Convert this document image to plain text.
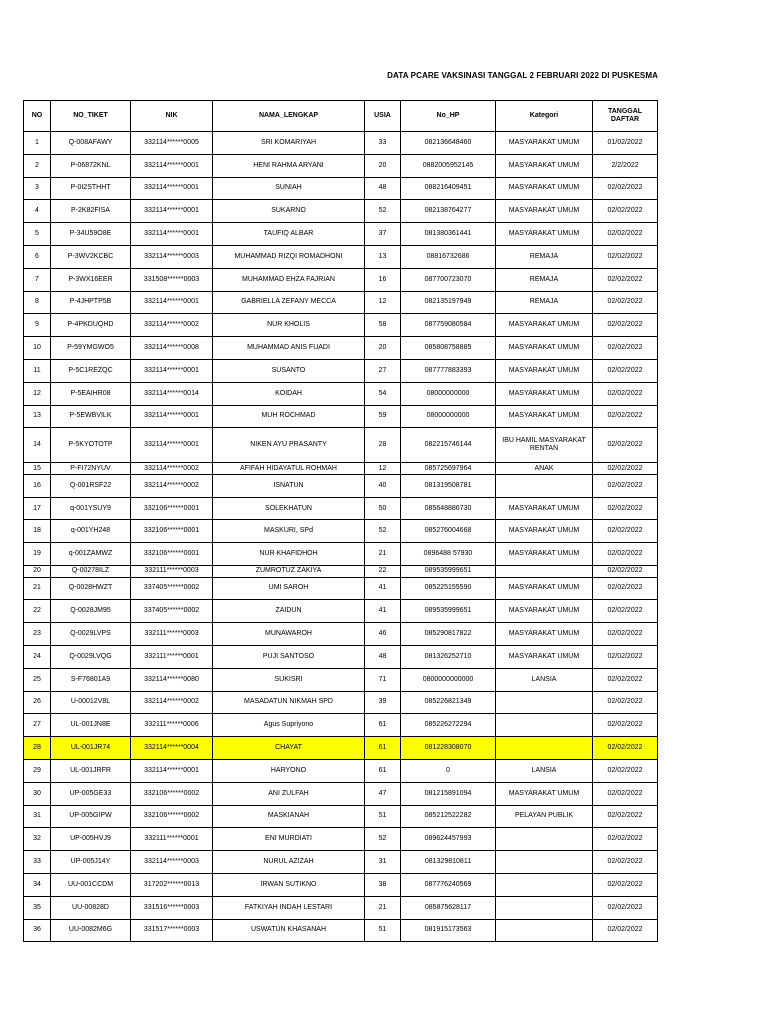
DATA PCARE VAKSINASI TANGGAL 2 FEBRUARI 2022 DI PUSKESMA
NO	NO_TIKET	NIK	NAMA_LENGKAP	USIA	No_HP	Kategori	TANGGAL DAFTAR
1	Q-008AFAWY	332114******0005	SRI KOMARIYAH	33	082136648460	MASYARAKAT UMUM	01/02/2022
2	P-06872KNL	332114******0001	HENI RAHMA ARYANI	20	0882005952145	MASYARAKAT UMUM	2/2/2022
3	P-0I2STHHT	332114******0001	SUNIAH	48	088216409451	MASYARAKAT UMUM	02/02/2022
4	P-2K82FISA	332114******0001	SUKARNO	52	082138764277	MASYARAKAT UMUM	02/02/2022
5	P-34U59O8E	332114******0001	TAUFIQ ALBAR	37	081380361441	MASYARAKAT UMUM	02/02/2022
6	P-3WV2KCBC	332114******0003	MUHAMMAD RIZQI ROMADHONI	13	08816732686	REMAJA	02/02/2022
7	P-3WX16EER	331508******0003	MUHAMMAD EHZA FAJRIAN	16	087700723070	REMAJA	02/02/2022
8	P-4JHPTP5B	332114******0001	GABRIELLA ZEFANY MECCA	12	082135197949	REMAJA	02/02/2022
9	P-4PKDUQHD	332114******0002	NUR KHOLIS	58	087759080584	MASYARAKAT UMUM	02/02/2022
10	P-59YMGWO5	332114******0008	MUHAMMAD ANIS FUADI	20	085808758885	MASYARAKAT UMUM	02/02/2022
11	P-5C1REZQC	332114******0001	SUSANTO	27	087777883393	MASYARAKAT UMUM	02/02/2022
12	P-5EAIHR08	332114******0014	KOIDAH	54	08000000000	MASYARAKAT UMUM	02/02/2022
13	P-5EWBVILK	332114******0001	MUH ROCHMAD	59	08000000000	MASYARAKAT UMUM	02/02/2022
14	P-5KYOTOTP	332114******0001	NIKEN AYU PRASANTY	28	082215746144	IBU HAMIL MASYARAKAT RENTAN	02/02/2022
15	P-FI72NYUV	332114******0002	AFIFAH HIDAYATUL ROHMAH	12	085725697964	ANAK	02/02/2022
16	Q-001RSF22	332114******0002	ISNATUN	40	081319508781		02/02/2022
17	q-001YSUY9	332106******0001	SOLEKHATUN	50	085648886730	MASYARAKAT UMUM	02/02/2022
18	q-001YH248	332106******0001	MASKURI, SPd	52	085276004668	MASYARAKAT UMUM	02/02/2022
19	q-001ZAMWZ	332106******0001	NUR KHAFIDHOH	21	0896488 57930	MASYARAKAT UMUM	02/02/2022
20	Q-00278ILZ	332111******0003	ZUMROTUZ ZAKIYA	22	089535999651		02/02/2022
21	Q-0028HWZT	337405******0002	UMI SAROH	41	085225155590	MASYARAKAT UMUM	02/02/2022
22	Q-0028JM95	337405******0002	ZAIDUN	41	089535999651	MASYARAKAT UMUM	02/02/2022
23	Q-0029LVPS	332111******0003	MUNAWAROH	46	085290817822	MASYARAKAT UMUM	02/02/2022
24	Q-0029LVQG	332111******0001	PUJI SANTOSO	48	081326252710	MASYARAKAT UMUM	02/02/2022
25	S-F76801A9	332114******0080	SUKISRI	71	0800000000000	LANSIA	02/02/2022
26	U-00012V8L	332114******0002	MASADATUN NIKMAH SPD	39	085226821349		02/02/2022
27	UL-001JN8E	332111******0006	Agus Supriyono	61	085226272294		02/02/2022
28	UL-001JR74	332114******0004	CHAYAT	61	081228308070		02/02/2022
29	UL-001JRFR	332114******0001	HARYONO	61	0	LANSIA	02/02/2022
30	UP-005GE33	332106******0002	ANI ZULFAH	47	081215891094	MASYARAKAT UMUM	02/02/2022
31	UP-005GIPW	332106******0002	MASKIANAH	51	085212522282	PELAYAN PUBLIK	02/02/2022
32	UP-005HVJ9	332111******0001	ENI MURDIATI	52	089624457993		02/02/2022
33	UP-005J14Y	332114******0003	NURUL AZIZAH	31	081329810811		02/02/2022
34	UU-001CCDM	317202******0013	IRWAN SUTIKNO	38	087776240569		02/02/2022
35	UU-00828D	331516******0003	FATKIYAH INDAH LESTARI	21	085875628117		02/02/2022
36	UU-0082M6G	331517******0003	USWATUN KHASANAH	51	081915173563		02/02/2022
